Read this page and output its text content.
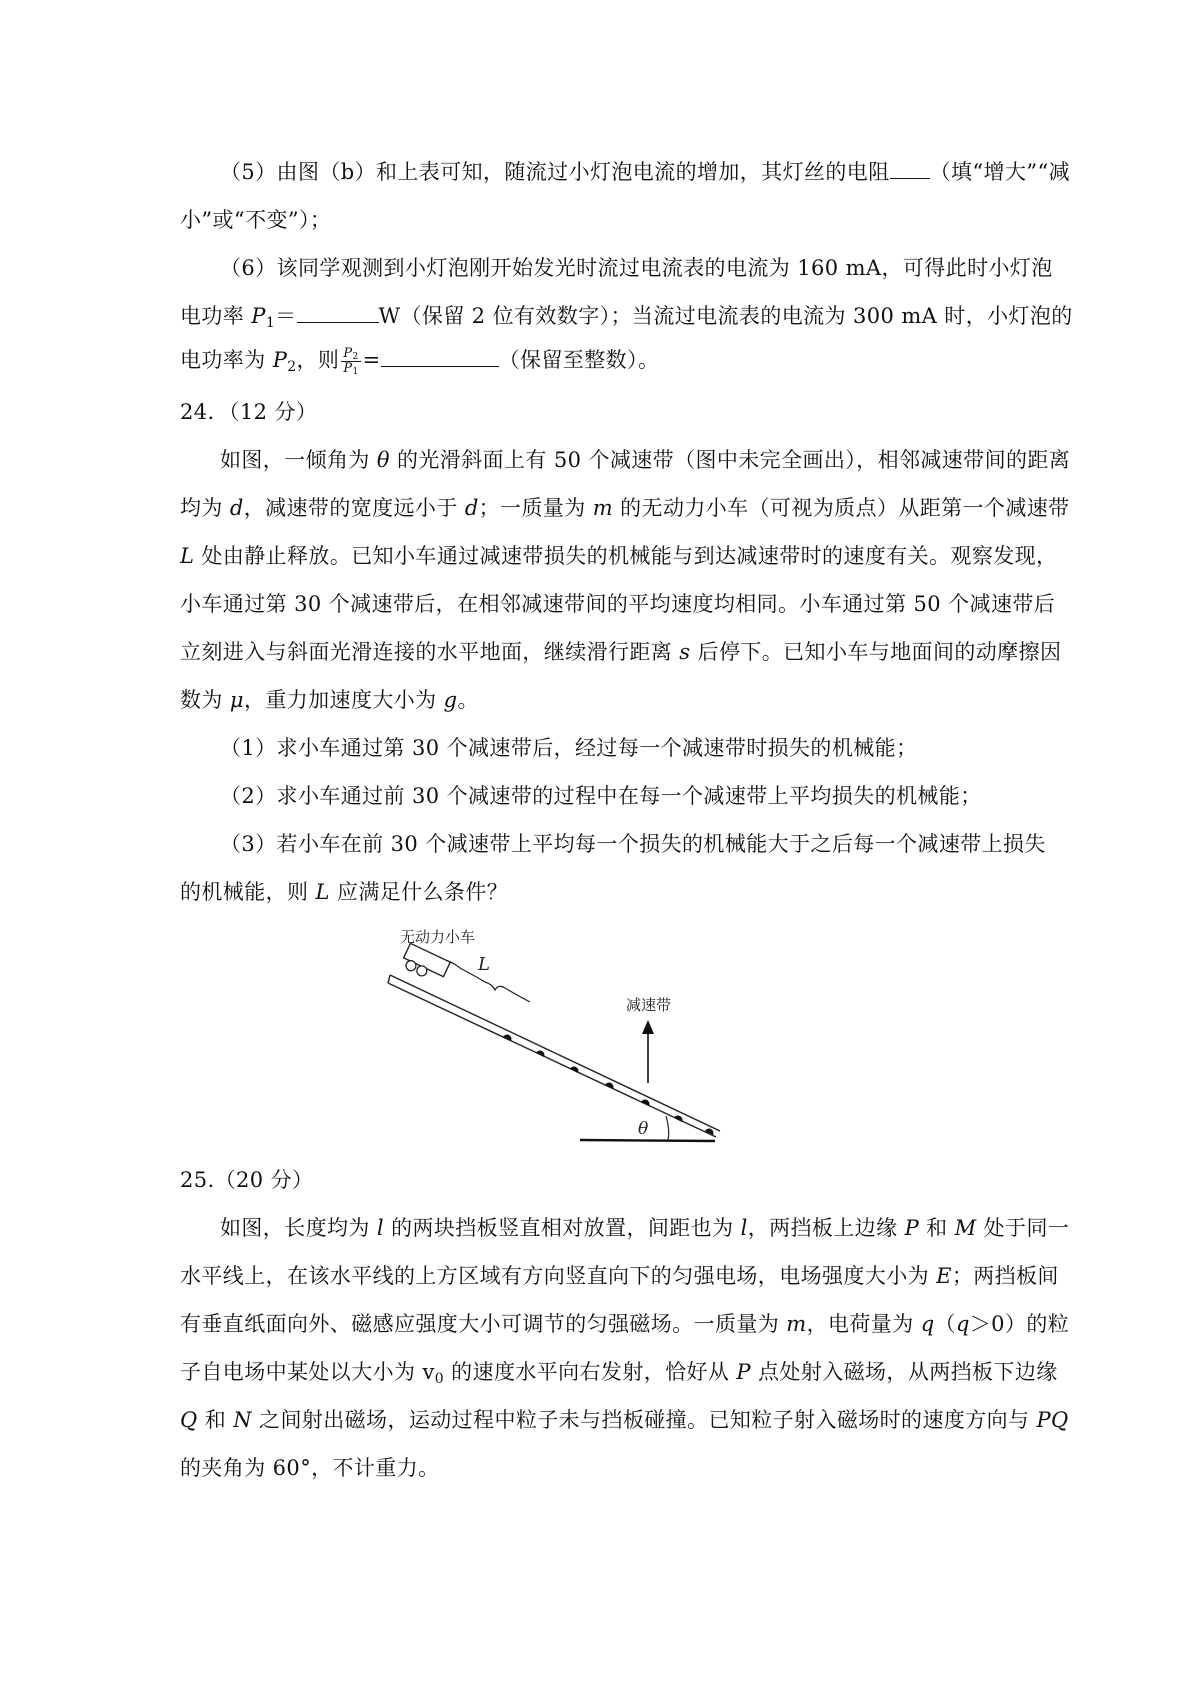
（5）由图（b）和上表可知，随流过小灯泡电流的增加，其灯丝的电阻 （填“增大”“减
小”或“不变”）；
（6）该同学观测到小灯泡刚开始发光时流过电流表的电流为 160 mA，可得此时小灯泡
电功率 $P_1=$	W（保留 2 位有效数字）；当流过电流表的电流为 300 mA 时，小灯泡的
电功率为 $P_2$，则 $\frac{P_2}{P_1}$ =	（保留至整数）。
24．（12 分）
如图，一倾角为 θ 的光滑斜面上有 50 个减速带（图中未完全画出），相邻减速带间的距离
均为 d，减速带的宽度远小于 d；一质量为 m 的无动力小车（可视为质点）从距第一个减速带
L 处由静止释放。已知小车通过减速带损失的机械能与到达减速带时的速度有关。观察发现，
小车通过第 30 个减速带后，在相邻减速带间的平均速度均相同。小车通过第 50 个减速带后
立刻进入与斜面光滑连接的水平地面，继续滑行距离 s 后停下。已知小车与地面间的动摩擦因
数为 μ，重力加速度大小为 g。
（1）求小车通过第 30 个减速带后，经过每一个减速带时损失的机械能；
（2）求小车通过前 30 个减速带的过程中在每一个减速带上平均损失的机械能；
（3）若小车在前 30 个减速带上平均每一个损失的机械能大于之后每一个减速带上损失
的机械能，则 L 应满足什么条件？
无动力小车
L
θ
减速带
25.（20 分）
如图，长度均为 l 的两块挡板竖直相对放置，间距也为 l，两挡板上边缘 P 和 M 处于同一
水平线上，在该水平线的上方区域有方向竖直向下的匀强电场，电场强度大小为 E；两挡板间
有垂直纸面向外、磁感应强度大小可调节的匀强磁场。一质量为 m，电荷量为 q（q＞0）的粒
子自电场中某处以大小为 $v_0$ 的速度水平向右发射，恰好从 P 点处射入磁场，从两挡板下边缘
Q 和 N 之间射出磁场，运动过程中粒子未与挡板碰撞。已知粒子射入磁场时的速度方向与 PQ
的夹角为 60°，不计重力。
